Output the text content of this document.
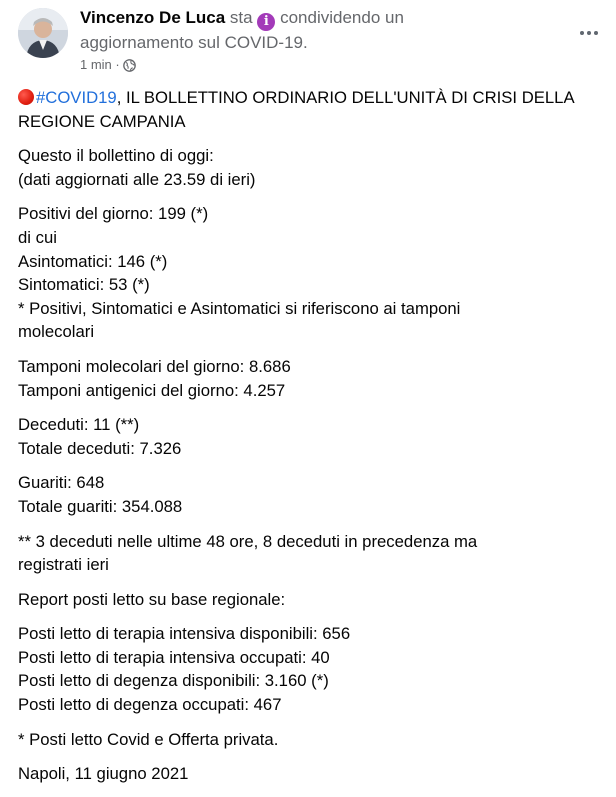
Vincenzo De Luca sta i condividendo un
aggiornamento sul COVID-19.
1 min ·
#COVID19, IL BOLLETTINO ORDINARIO DELL'UNITÀ DI CRISI DELLA
REGIONE CAMPANIA
Questo il bollettino di oggi:
(dati aggiornati alle 23.59 di ieri)
Positivi del giorno: 199 (*)
di cui
Asintomatici: 146 (*)
Sintomatici: 53 (*)
* Positivi, Sintomatici e Asintomatici si riferiscono ai tamponi
molecolari
Tamponi molecolari del giorno: 8.686
Tamponi antigenici del giorno: 4.257
Deceduti: 11 (**)
Totale deceduti: 7.326
Guariti: 648
Totale guariti: 354.088
** 3 deceduti nelle ultime 48 ore, 8 deceduti in precedenza ma
registrati ieri
Report posti letto su base regionale:
Posti letto di terapia intensiva disponibili: 656
Posti letto di terapia intensiva occupati: 40
Posti letto di degenza disponibili: 3.160 (*)
Posti letto di degenza occupati: 467
* Posti letto Covid e Offerta privata.
Napoli, 11 giugno 2021
